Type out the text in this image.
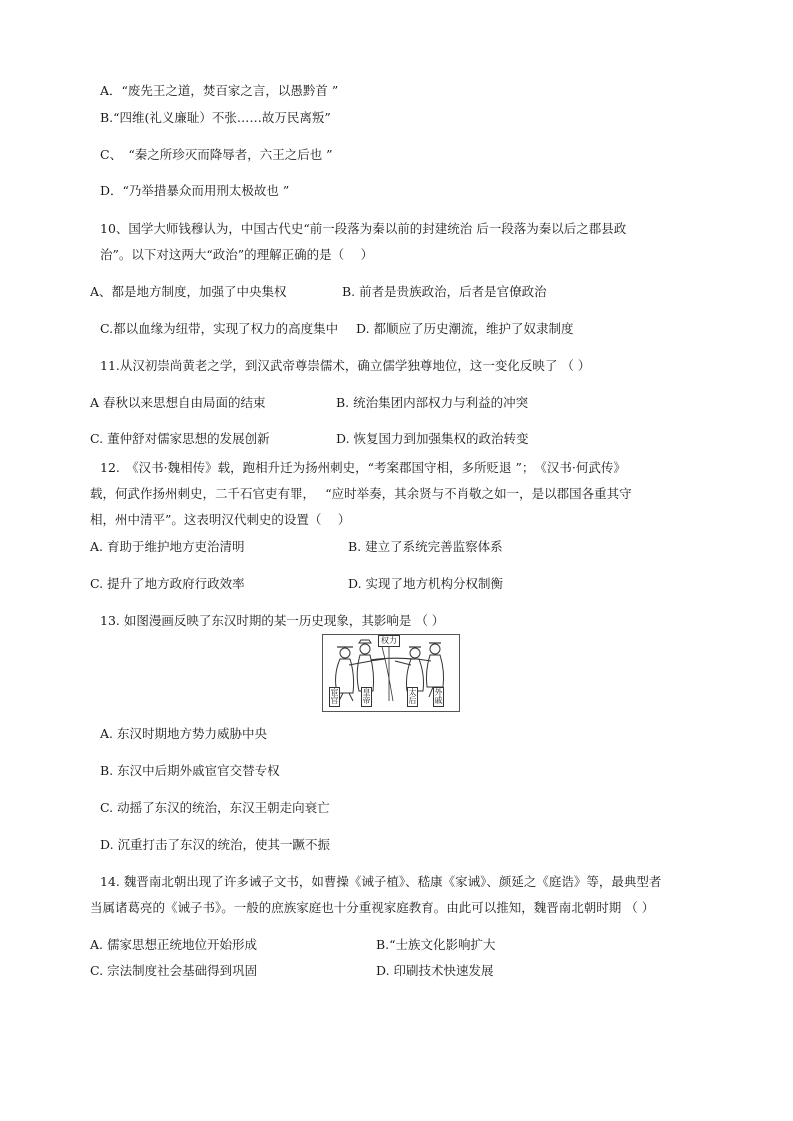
A．“废先王之道，焚百家之言，以愚黔首 ”
B.“四维(礼义廉耻）不张……故万民离叛”
C、　“秦之所珍灭而降辱者，六王之后也 ”
D．“乃举措暴众而用刑太极故也 ”
10、国学大师钱穆认为，中国古代史“前一段落为秦以前的封建统治 后一段落为秦以后之郡县政
治”。以下对这两大“政治”的理解正确的是（　 ）
A、都是地方制度，加强了中央集权	B. 前者是贵族政治，后者是官僚政治
C.都以血缘为纽带，实现了权力的高度集中 D. 都顺应了历史潮流，维护了奴隶制度
11.从汉初崇尚黄老之学，到汉武帝尊崇儒术，确立儒学独尊地位，这一变化反映了 （ ）
A 春秋以来思想自由局面的结束	B. 统治集团内部权力与利益的冲突
C. 董仲舒对儒家思想的发展创新	D. 恢复国力到加强集权的政治转变
12.　《汉书·魏相传》载，跑相升迁为扬州刺史，“考案郡国守相，多所贬退 ”；　《汉书·何武传》
载，何武作扬州刺史，二千石官吏有罪，　 “应时举奏，其余贤与不肖敬之如一，是以郡国各重其守
相，州中清平”。这表明汉代刺史的设置（　 ）
A. 育助于维护地方吏治清明	B. 建立了系统完善监察体系
C. 提升了地方政府行政效率	D. 实现了地方机构分权制衡
13. 如图漫画反映了东汉时期的某一历史现象，其影响是 （ ）
权力
宦官
皇帝
太后
外戚
A. 东汉时期地方势力威胁中央
B. 东汉中后期外戚宦官交替专权
C. 动摇了东汉的统治，东汉王朝走向衰亡
D. 沉重打击了东汉的统治，使其一蹶不振
14. 魏晋南北朝出现了许多诫子文书，如曹操《诫子植》、嵇康《家诫》、颜延之《庭诰》等，最典型者
当属诸葛亮的《诫子书》。一般的庶族家庭也十分重视家庭教育。由此可以推知，魏晋南北朝时期 （ ）
A. 儒家思想正统地位开始形成	B.“士族文化影响扩大
C. 宗法制度社会基础得到巩固	D. 印刷技术快速发展
